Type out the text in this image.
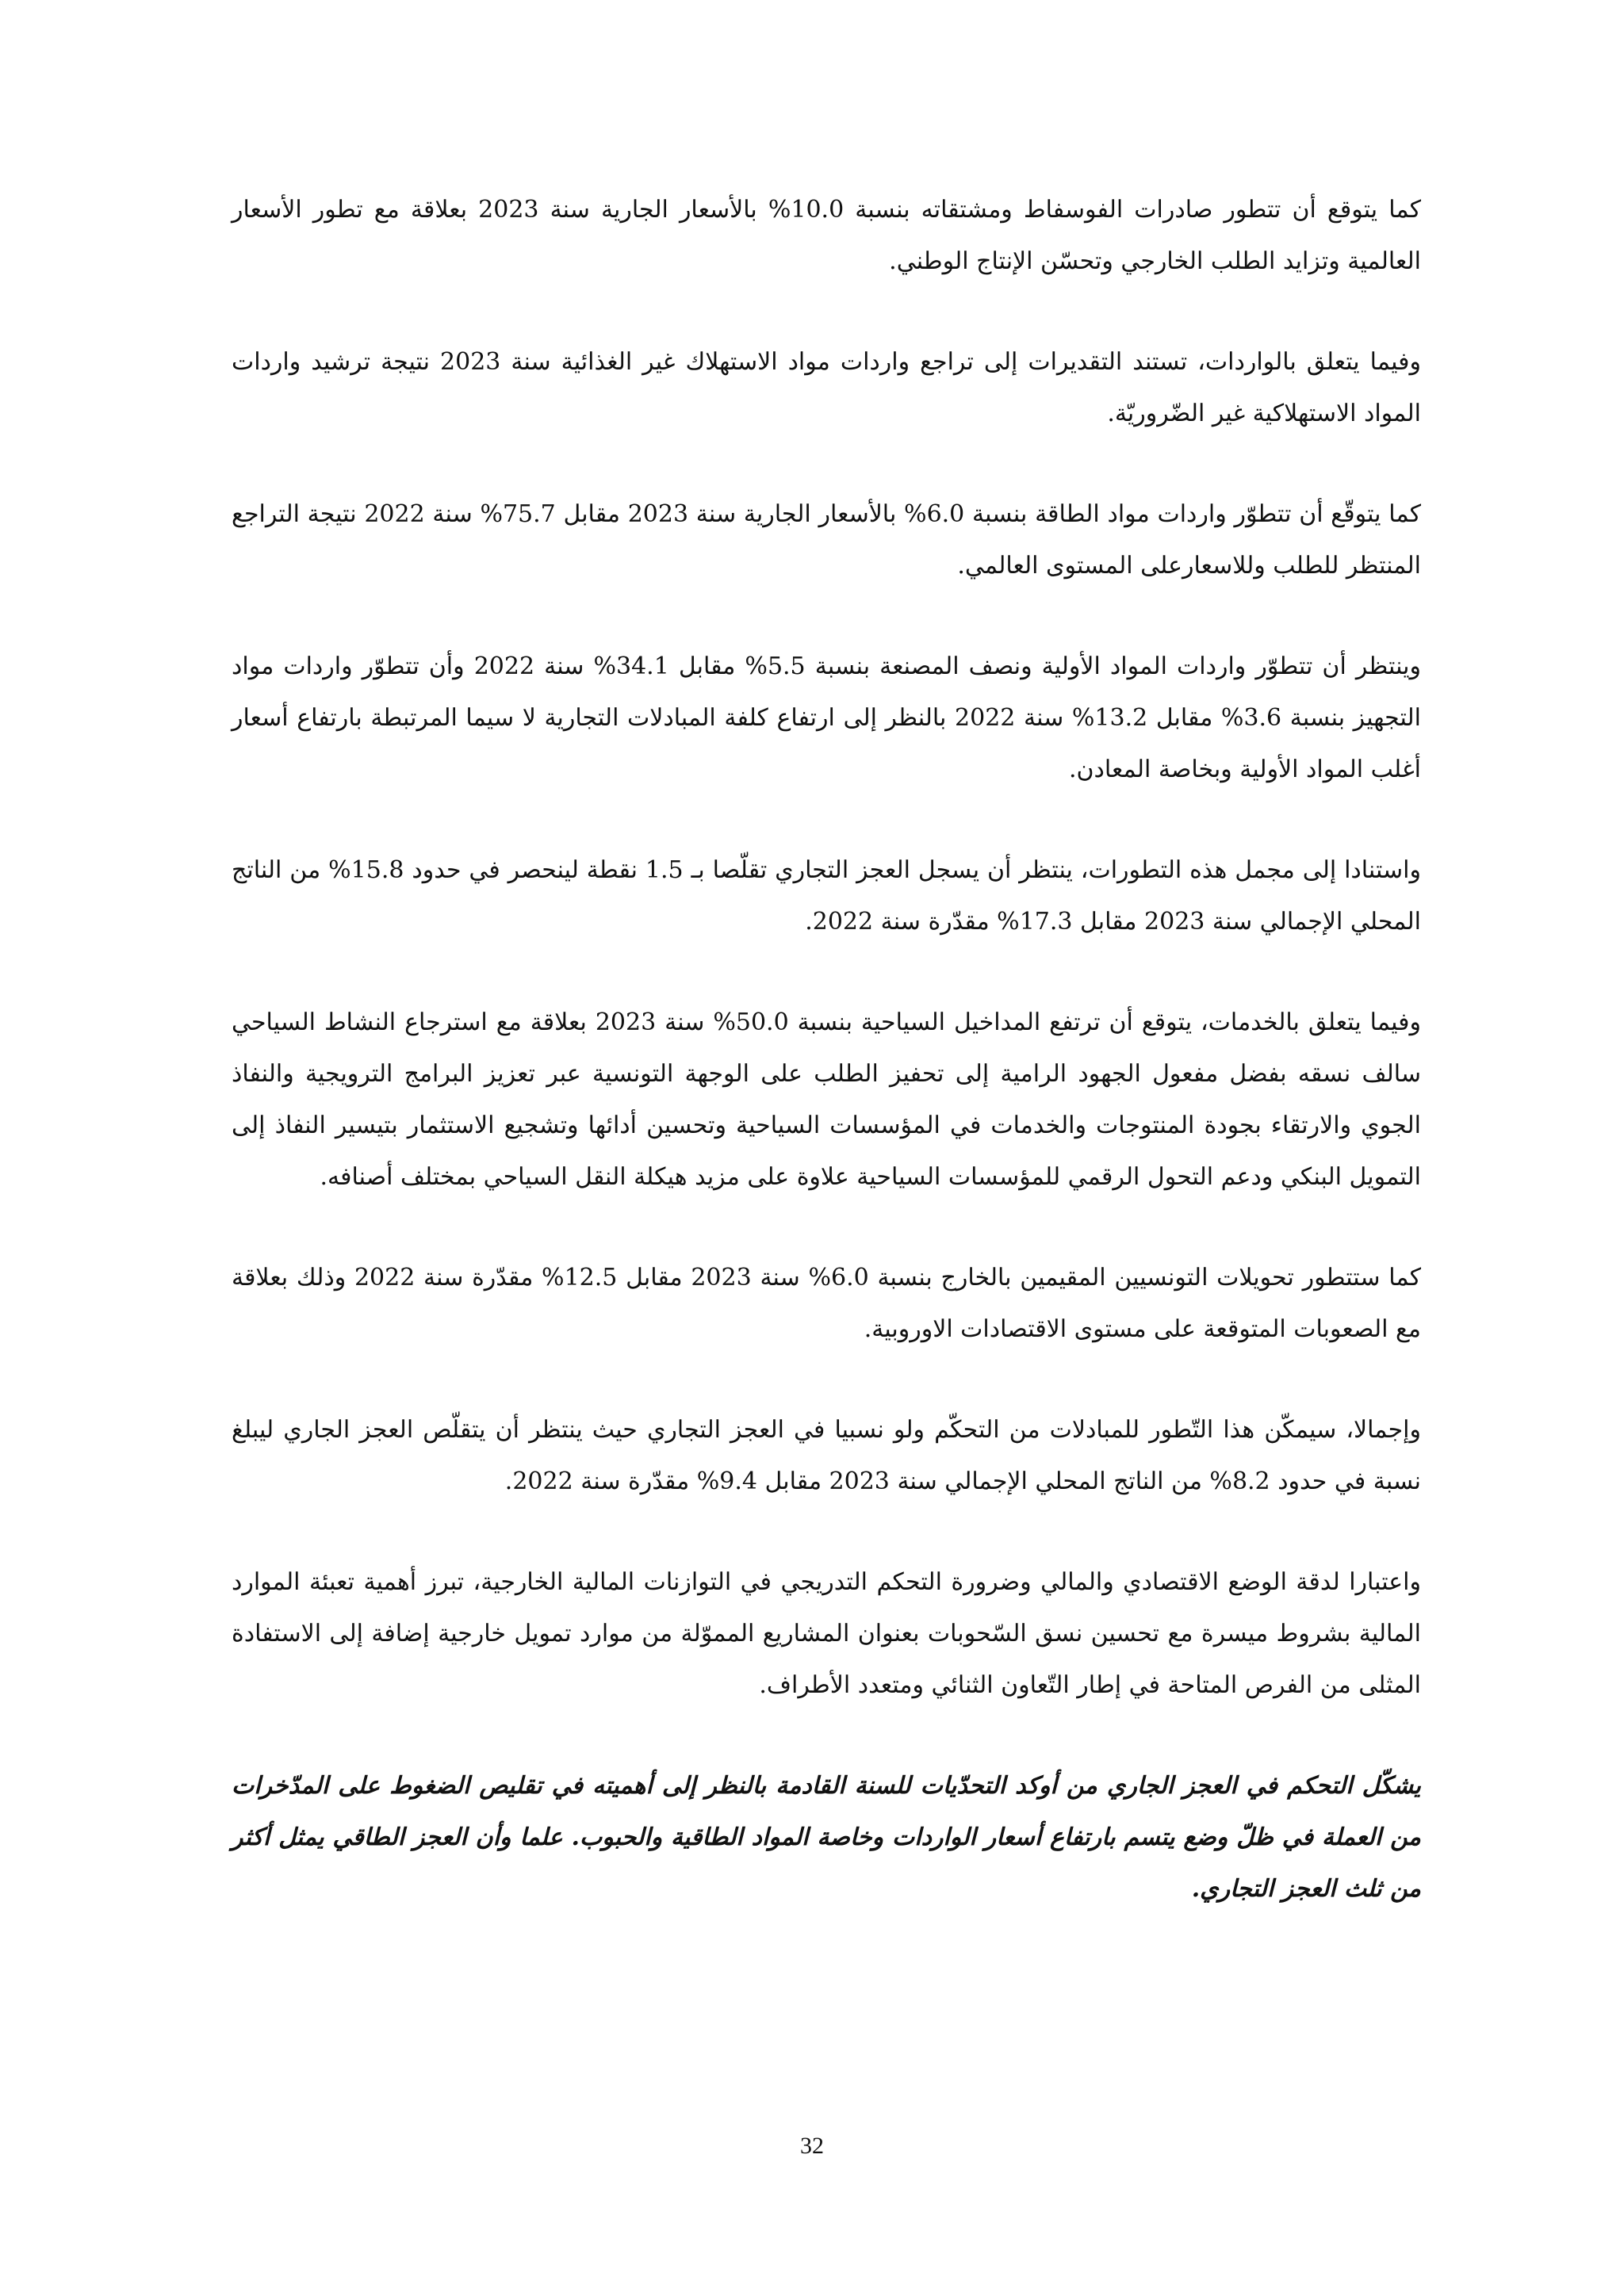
كما يتوقع أن تتطور صادرات الفوسفاط ومشتقاته بنسبة 10.0% بالأسعار الجارية سنة 2023 بعلاقة مع تطور الأسعار العالمية وتزايد الطلب الخارجي وتحسّن الإنتاج الوطني.

وفيما يتعلق بالواردات، تستند التقديرات إلى تراجع واردات مواد الاستهلاك غير الغذائية سنة 2023 نتيجة ترشيد واردات المواد الاستهلاكية غير الضّروريّة.

كما يتوقّع أن تتطوّر واردات مواد الطاقة بنسبة 6.0% بالأسعار الجارية سنة 2023 مقابل 75.7% سنة 2022 نتيجة التراجع المنتظر للطلب وللاسعارعلى المستوى العالمي.

وينتظر أن تتطوّر واردات المواد الأولية ونصف المصنعة بنسبة 5.5% مقابل 34.1% سنة 2022 وأن تتطوّر واردات مواد التجهيز بنسبة 3.6% مقابل 13.2% سنة 2022 بالنظر إلى ارتفاع كلفة المبادلات التجارية لا سيما المرتبطة بارتفاع أسعار أغلب المواد الأولية وبخاصة المعادن.

واستنادا إلى مجمل هذه التطورات، ينتظر أن يسجل العجز التجاري تقلّصا بـ 1.5 نقطة لينحصر في حدود 15.8% من الناتج المحلي الإجمالي سنة 2023 مقابل 17.3% مقدّرة سنة 2022.

وفيما يتعلق بالخدمات، يتوقع أن ترتفع المداخيل السياحية بنسبة 50.0% سنة 2023 بعلاقة مع استرجاع النشاط السياحي سالف نسقه بفضل مفعول الجهود الرامية إلى تحفيز الطلب على الوجهة التونسية عبر تعزيز البرامج الترويجية والنفاذ الجوي والارتقاء بجودة المنتوجات والخدمات في المؤسسات السياحية وتحسين أدائها وتشجيع الاستثمار بتيسير النفاذ إلى التمويل البنكي ودعم التحول الرقمي للمؤسسات السياحية علاوة على مزيد هيكلة النقل السياحي بمختلف أصنافه.

كما ستتطور تحويلات التونسيين المقيمين بالخارج بنسبة 6.0% سنة 2023 مقابل 12.5% مقدّرة سنة 2022 وذلك بعلاقة مع الصعوبات المتوقعة على مستوى الاقتصادات الاوروبية.

وإجمالا، سيمكّن هذا التّطور للمبادلات من التحكّم ولو نسبيا في العجز التجاري حيث ينتظر أن يتقلّص العجز الجاري ليبلغ نسبة في حدود 8.2% من الناتج المحلي الإجمالي سنة 2023 مقابل 9.4% مقدّرة سنة 2022.

واعتبارا لدقة الوضع الاقتصادي والمالي وضرورة التحكم التدريجي في التوازنات المالية الخارجية، تبرز أهمية تعبئة الموارد المالية بشروط ميسرة مع تحسين نسق السّحوبات بعنوان المشاريع المموّلة من موارد تمويل خارجية إضافة إلى الاستفادة المثلى من الفرص المتاحة في إطار التّعاون الثنائي ومتعدد الأطراف.

يشكّل التحكم في العجز الجاري من أوكد التحدّيات للسنة القادمة بالنظر إلى أهميته في تقليص الضغوط على المدّخرات من العملة في ظلّ وضع يتسم بارتفاع أسعار الواردات وخاصة المواد الطاقية والحبوب. علما وأن العجز الطاقي يمثل أكثر من ثلث العجز التجاري.

32
